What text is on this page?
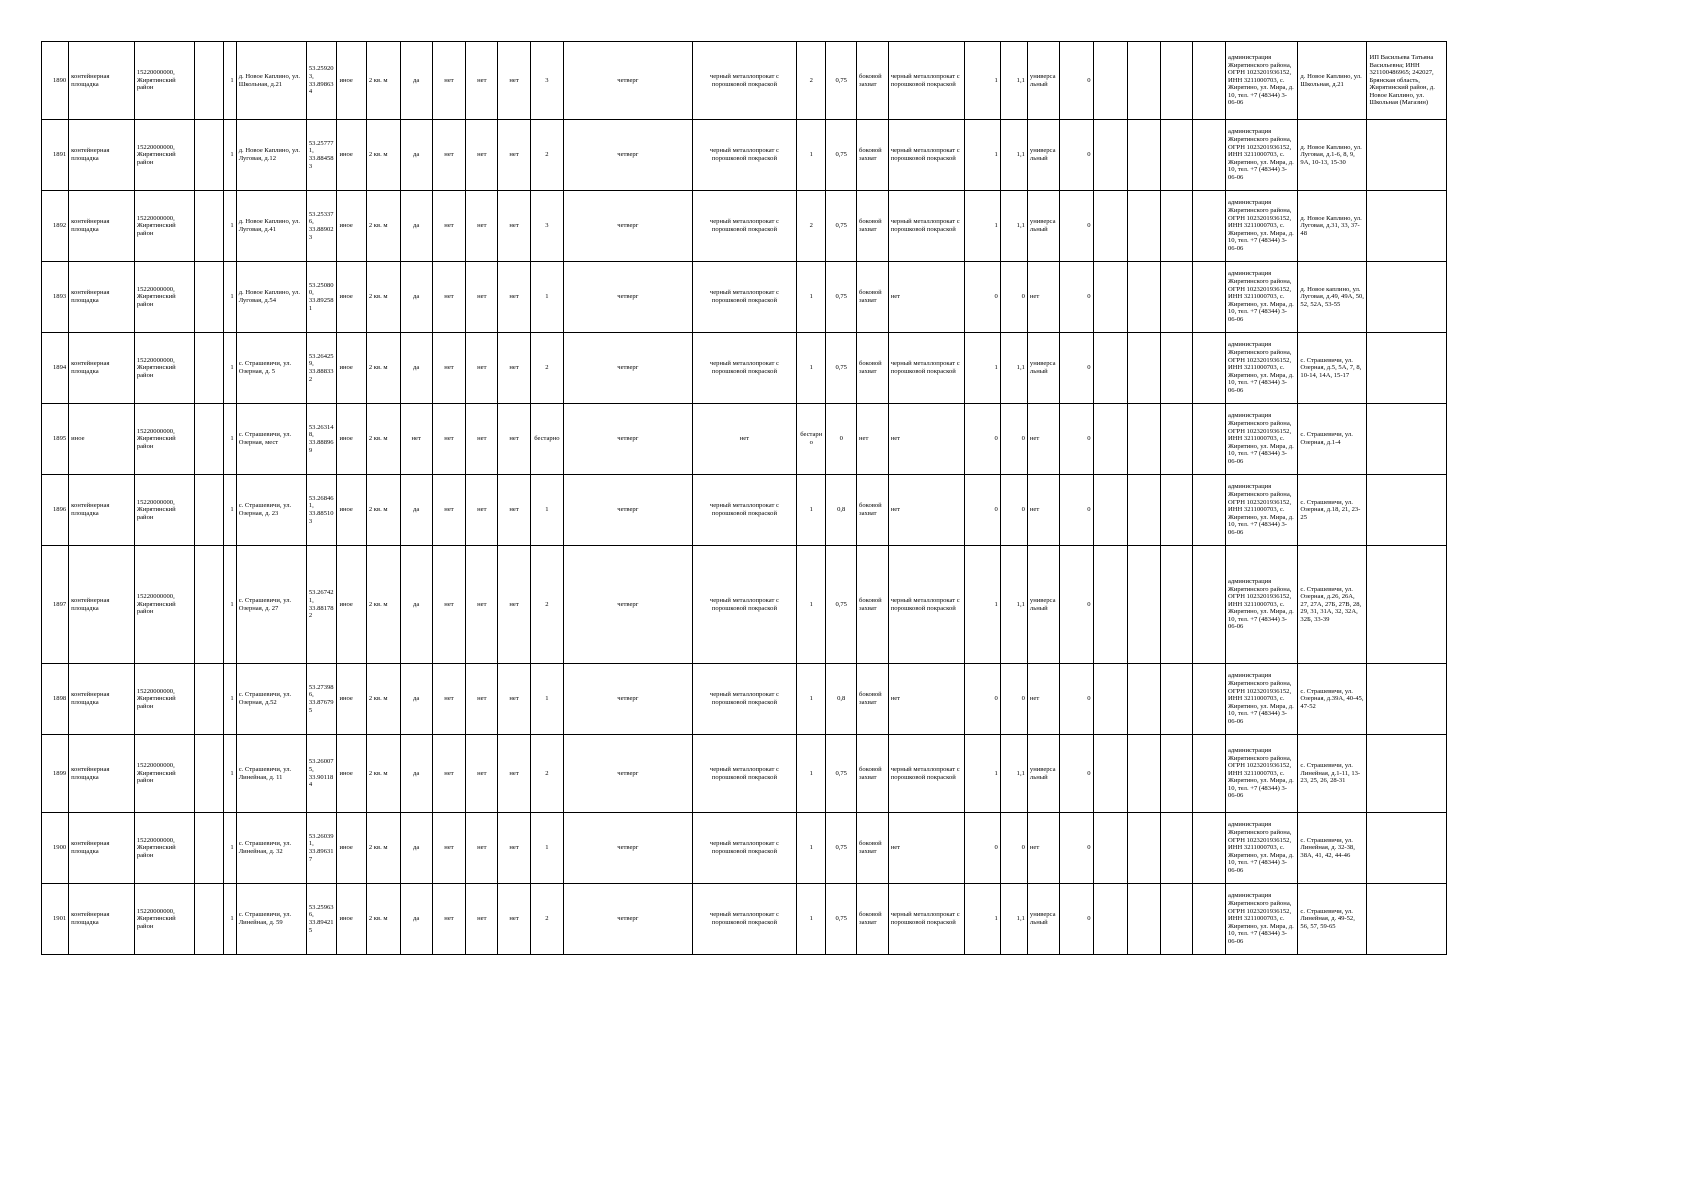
1890	контейнерная площадка	15220000000, Жирятинский район		1	д. Новое Каплино, ул. Школьная, д.21	53.259203, 33.898634	иное	2 кв. м	да	нет	нет	нет	3	четверг	черный металлопрокат с порошковой покраской	2	0,75	боковой захват	черный металлопрокат с порошковой покраской	1	1,1	универсальный	0					администрация Жирятинского района, ОГРН 1023201936152, ИНН 3211000703, с. Жирятино, ул. Мира, д. 10, тел. +7 (48344) 3-06-06	д. Новое Каплино, ул. Школьная, д.21	ИП Васильева Татьяна Васильевна; ИНН 321100486965; 242027, Брянская область, Жирятинский район, д. Новое Каплино, ул. Школьная (Магазин)
1891	контейнерная площадка	15220000000, Жирятинский район		1	д. Новое Каплино, ул. Луговая, д.12	53.257771, 33.884583	иное	2 кв. м	да	нет	нет	нет	2	четверг	черный металлопрокат с порошковой покраской	1	0,75	боковой захват	черный металлопрокат с порошковой покраской	1	1,1	универсальный	0					администрация Жирятинского района, ОГРН 1023201936152, ИНН 3211000703, с. Жирятино, ул. Мира, д. 10, тел. +7 (48344) 3-06-06	д. Новое Каплино, ул. Луговая, д.1-6, 8, 9, 9А, 10-13, 15-30	
1892	контейнерная площадка	15220000000, Жирятинский район		1	д. Новое Каплино, ул. Луговая, д.41	53.253376, 33.889023	иное	2 кв. м	да	нет	нет	нет	3	четверг	черный металлопрокат с порошковой покраской	2	0,75	боковой захват	черный металлопрокат с порошковой покраской	1	1,1	универсальный	0					администрация Жирятинского района, ОГРН 1023201936152, ИНН 3211000703, с. Жирятино, ул. Мира, д. 10, тел. +7 (48344) 3-06-06	д. Новое Каплино, ул. Луговая, д.31, 33, 37-48	
1893	контейнерная площадка	15220000000, Жирятинский район		1	д. Новое Каплино, ул. Луговая, д.54	53.250800, 33.892581	иное	2 кв. м	да	нет	нет	нет	1	четверг	черный металлопрокат с порошковой покраской	1	0,75	боковой захват	нет	0	0	нет	0					администрация Жирятинского района, ОГРН 1023201936152, ИНН 3211000703, с. Жирятино, ул. Мира, д. 10, тел. +7 (48344) 3-06-06	д. Новое каплино, ул. Луговая, д.49, 49А, 50, 52, 52А, 53-55	
1894	контейнерная площадка	15220000000, Жирятинский район		1	с. Страшевичи, ул. Озерная, д. 5	53.264259, 33.888332	иное	2 кв. м	да	нет	нет	нет	2	четверг	черный металлопрокат с порошковой покраской	1	0,75	боковой захват	черный металлопрокат с порошковой покраской	1	1,1	универсальный	0					администрация Жирятинского района, ОГРН 1023201936152, ИНН 3211000703, с. Жирятино, ул. Мира, д. 10, тел. +7 (48344) 3-06-06	с. Страшевичи, ул. Озерная, д.5, 5А, 7, 8, 10-14, 14А, 15-17	
1895	иное	15220000000, Жирятинский район		1	с. Страшевичи, ул. Озерная, мест	53.263148, 33.888969	иное	2 кв. м	нет	нет	нет	нет	бестарно	четверг	нет	бестарно	0	нет	нет	0	0	нет	0					администрация Жирятинского района, ОГРН 1023201936152, ИНН 3211000703, с. Жирятино, ул. Мира, д. 10, тел. +7 (48344) 3-06-06	с. Страшевичи, ул. Озерная, д.1-4	
1896	контейнерная площадка	15220000000, Жирятинский район		1	с. Страшевичи, ул. Озерная, д. 23	53.268461, 33.885103	иное	2 кв. м	да	нет	нет	нет	1	четверг	черный металлопрокат с порошковой покраской	1	0,8	боковой захват	нет	0	0	нет	0					администрация Жирятинского района, ОГРН 1023201936152, ИНН 3211000703, с. Жирятино, ул. Мира, д. 10, тел. +7 (48344) 3-06-06	с. Страшевичи, ул. Озерная, д.18, 21, 23-25	
1897	контейнерная площадка	15220000000, Жирятинский район		1	с. Страшевичи, ул. Озерная, д. 27	53.267421, 33.881782	иное	2 кв. м	да	нет	нет	нет	2	четверг	черный металлопрокат с порошковой покраской	1	0,75	боковой захват	черный металлопрокат с порошковой покраской	1	1,1	универсальный	0					администрация Жирятинского района, ОГРН 1023201936152, ИНН 3211000703, с. Жирятино, ул. Мира, д. 10, тел. +7 (48344) 3-06-06	с. Страшевичи, ул. Озерная, д.26, 26А, 27, 27А, 27Б, 27В, 28, 29, 31, 31А, 32, 32А, 32Б, 33-39	
1898	контейнерная площадка	15220000000, Жирятинский район		1	с. Страшевичи, ул. Озерная, д.52	53.273986, 33.876795	иное	2 кв. м	да	нет	нет	нет	1	четверг	черный металлопрокат с порошковой покраской	1	0,8	боковой захват	нет	0	0	нет	0					администрация Жирятинского района, ОГРН 1023201936152, ИНН 3211000703, с. Жирятино, ул. Мира, д. 10, тел. +7 (48344) 3-06-06	с. Страшевичи, ул. Озерная, д.39А, 40-45, 47-52	
1899	контейнерная площадка	15220000000, Жирятинский район		1	с. Страшевичи, ул. Линейная, д. 11	53.260075, 33.901184	иное	2 кв. м	да	нет	нет	нет	2	четверг	черный металлопрокат с порошковой покраской	1	0,75	боковой захват	черный металлопрокат с порошковой покраской	1	1,1	универсальный	0					администрация Жирятинского района, ОГРН 1023201936152, ИНН 3211000703, с. Жирятино, ул. Мира, д. 10, тел. +7 (48344) 3-06-06	с. Страшевичи, ул. Линейная, д.1-11, 13-23, 25, 26, 28-31	
1900	контейнерная площадка	15220000000, Жирятинский район		1	с. Страшевичи, ул. Линейная, д. 32	53.260391, 33.896317	иное	2 кв. м	да	нет	нет	нет	1	четверг	черный металлопрокат с порошковой покраской	1	0,75	боковой захват	нет	0	0	нет	0					администрация Жирятинского района, ОГРН 1023201936152, ИНН 3211000703, с. Жирятино, ул. Мира, д. 10, тел. +7 (48344) 3-06-06	с. Страшевичи, ул. Линейная, д. 32-38, 38А, 41, 42, 44-46	
1901	контейнерная площадка	15220000000, Жирятинский район		1	с. Страшевичи, ул. Линейная, д. 59	53.259636, 33.894215	иное	2 кв. м	да	нет	нет	нет	2	четверг	черный металлопрокат с порошковой покраской	1	0,75	боковой захват	черный металлопрокат с порошковой покраской	1	1,1	универсальный	0					администрация Жирятинского района, ОГРН 1023201936152, ИНН 3211000703, с. Жирятино, ул. Мира, д. 10, тел. +7 (48344) 3-06-06	с. Страшевичи, ул. Линейная, д. 49-52, 56, 57, 59-65	
